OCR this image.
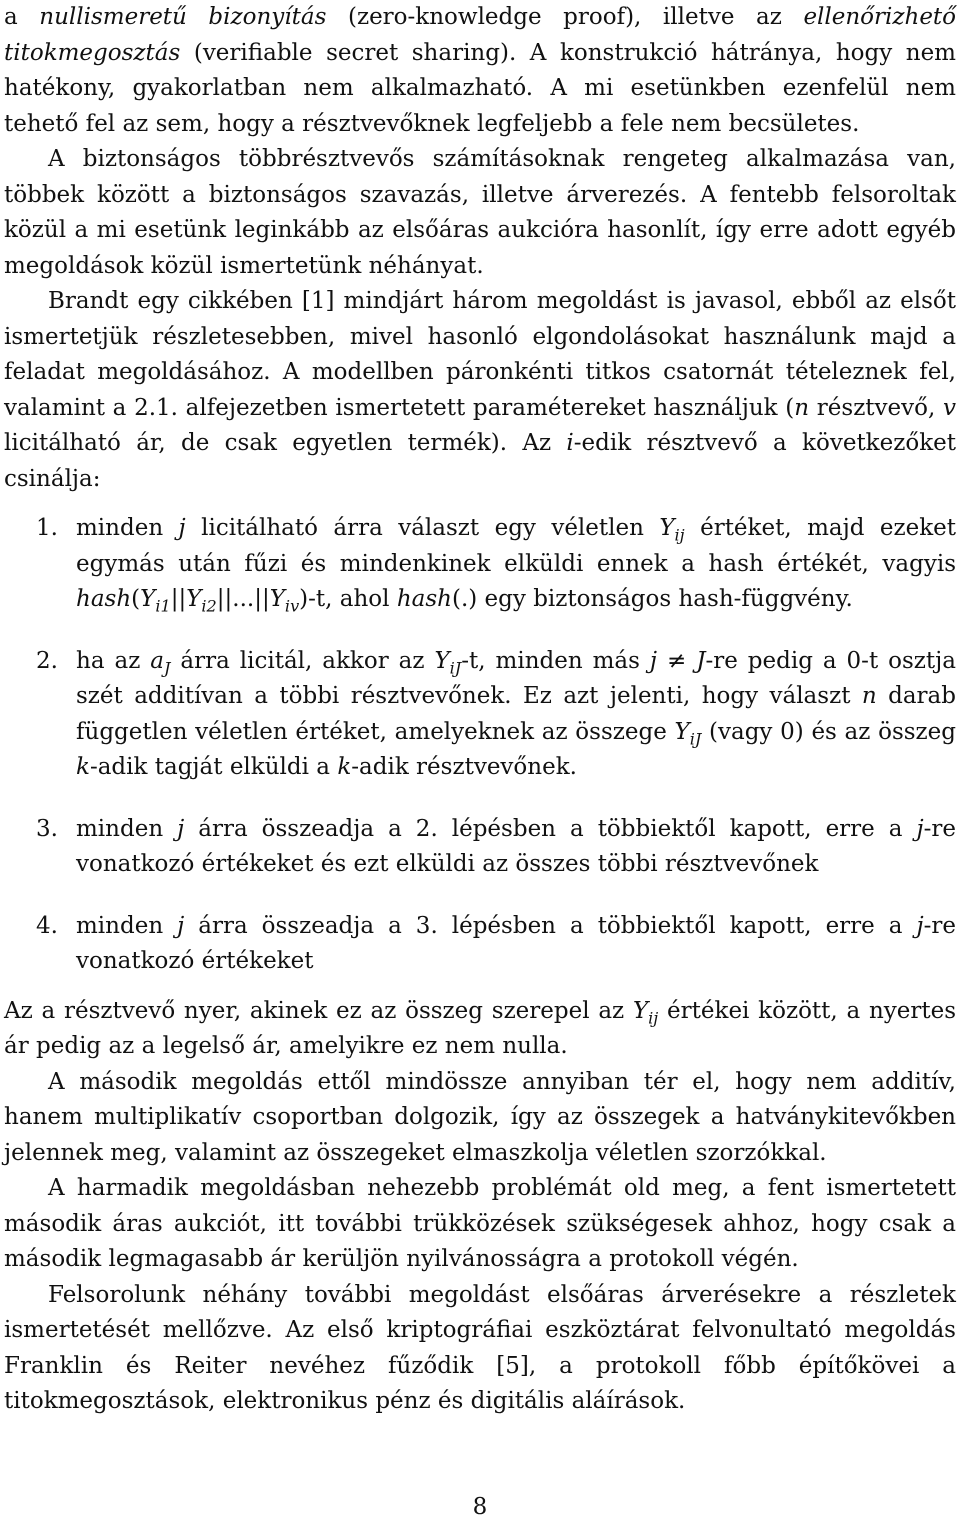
a nullismeretű bizonyítás (zero-knowledge proof), illetve az ellenőrizhető titokmegosztás (verifiable secret sharing). A konstrukció hátránya, hogy nem hatékony, gyakorlatban nem alkalmazható. A mi esetünkben ezenfelül nem tehető fel az sem, hogy a résztvevőknek legfeljebb a fele nem becsületes.

A biztonságos többrésztvevős számításoknak rengeteg alkalmazása van, többek között a biztonságos szavazás, illetve árverezés. A fentebb felsoroltak közül a mi esetünk leginkább az elsőáras aukcióra hasonlít, így erre adott egyéb megoldások közül ismertetünk néhányat.

Brandt egy cikkében [1] mindjárt három megoldást is javasol, ebből az elsőt ismertetjük részletesebben, mivel hasonló elgondolásokat használunk majd a feladat megoldásához. A modellben páronkénti titkos csatornát tételeznek fel, valamint a 2.1. alfejezetben ismertetett paramétereket használjuk (n résztvevő, v licitálható ár, de csak egyetlen termék). Az i-edik résztvevő a következőket csinálja:

1. minden j licitálható árra választ egy véletlen $Y_{ij}$ értéket, majd ezeket egymás után fűzi és mindenkinek elküldi ennek a hash értékét, vagyis $hash(Y_{i1}||Y_{i2}||...||Y_{iv})-t$, ahol hash(.) egy biztonságos hash-függvény.
2. ha az $a_J$ árra licitál, akkor az $Y_{iJ}-t$, minden más j ≠ J-re pedig a 0-t osztja szét additívan a többi résztvevőnek. Ez azt jelenti, hogy választ n darab független véletlen értéket, amelyeknek az összege $Y_{iJ}$ (vagy 0) és az összeg k-adik tagját elküldi a k-adik résztvevőnek.
3. minden j árra összeadja a 2. lépésben a többiektől kapott, erre a j-re vonatkozó értékeket és ezt elküldi az összes többi résztvevőnek
4. minden j árra összeadja a 3. lépésben a többiektől kapott, erre a j-re vonatkozó értékeket

Az a résztvevő nyer, akinek ez az összeg szerepel az $Y_{ij}$ értékei között, a nyertes ár pedig az a legelső ár, amelyikre ez nem nulla.

A második megoldás ettől mindössze annyiban tér el, hogy nem additív, hanem multiplikatív csoportban dolgozik, így az összegek a hatványkitevőkben jelennek meg, valamint az összegeket elmaszkolja véletlen szorzókkal.

A harmadik megoldásban nehezebb problémát old meg, a fent ismertetett második áras aukciót, itt további trükközések szükségesek ahhoz, hogy csak a második legmagasabb ár kerüljön nyilvánosságra a protokoll végén.

Felsorolunk néhány további megoldást elsőáras árverésekre a részletek ismertetését mellőzve. Az első kriptográfiai eszköztárat felvonultató megoldás Franklin és Reiter nevéhez fűződik [5], a protokoll főbb építőkövei a titokmegosztások, elektronikus pénz és digitális aláírások.

8
